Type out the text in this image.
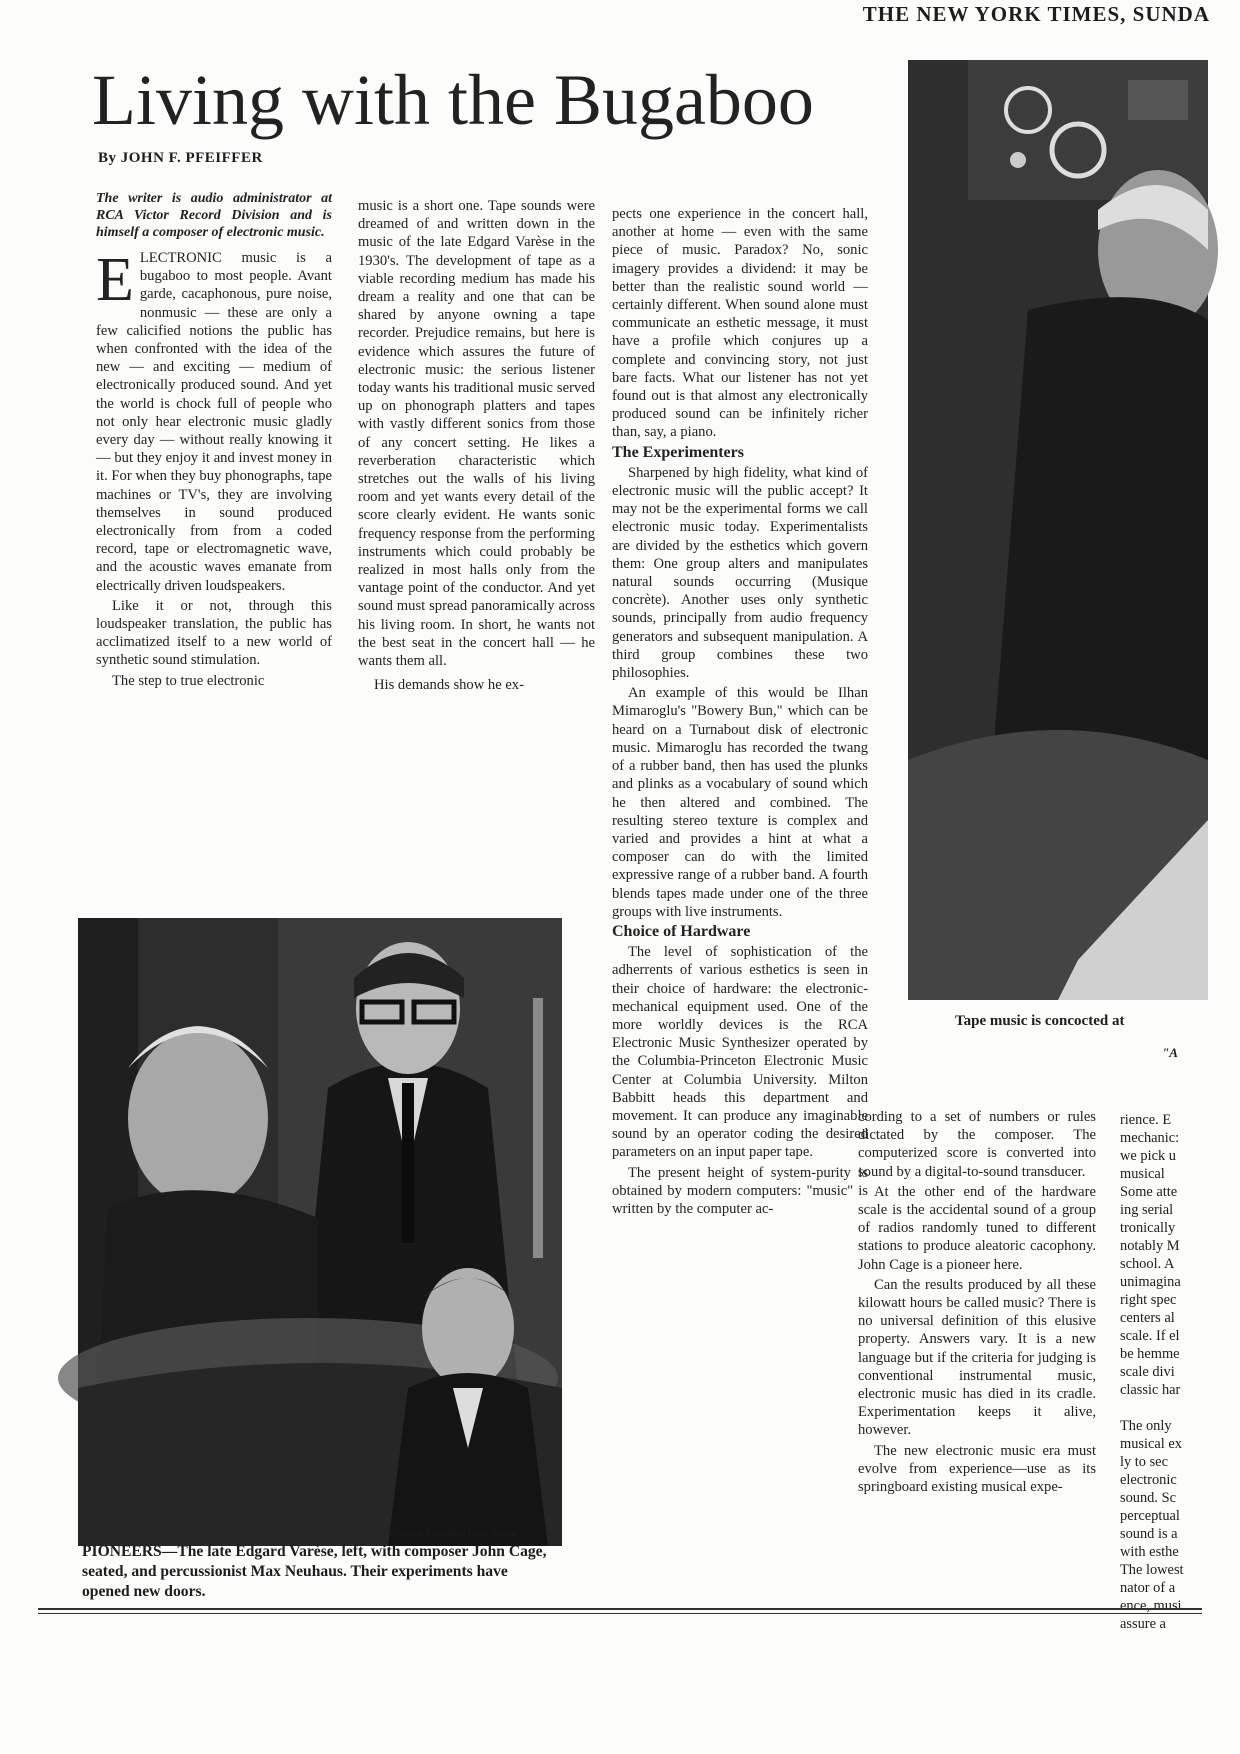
THE NEW YORK TIMES, SUNDA
Living with the Bugaboo
By JOHN F. PFEIFFER
The writer is audio administrator at RCA Victor Record Division and is himself a composer of electronic music.

ELECTRONIC music is a bugaboo to most people. Avant garde, cacaphonous, pure noise, nonmusic — these are only a few calicified notions the public has when confronted with the idea of the new — and exciting — medium of electronically produced sound. And yet the world is chock full of people who not only hear electronic music gladly every day — without really knowing it — but they enjoy it and invest money in it. For when they buy phonographs, tape machines or TV's, they are involving themselves in sound produced electronically from from a coded record, tape or electromagnetic wave, and the acoustic waves emanate from electrically driven loudspeakers.

Like it or not, through this loudspeaker translation, the public has acclimatized itself to a new world of synthetic sound stimulation.

The step to true electronic

music is a short one. Tape sounds were dreamed of and written down in the music of the late Edgard Varèse in the 1930's. The development of tape as a viable recording medium has made his dream a reality and one that can be shared by anyone owning a tape recorder. Prejudice remains, but here is evidence which assures the future of electronic music: the serious listener today wants his traditional music served up on phonograph platters and tapes with vastly different sonics from those of any concert setting. He likes a reverberation characteristic which stretches out the walls of his living room and yet wants every detail of the score clearly evident. He wants sonic frequency response from the performing instruments which could probably be realized in most halls only from the vantage point of the conductor. And yet sound must spread panoramically across his living room. In short, he wants not the best seat in the concert hall — he wants them all.

His demands show he ex-

pects one experience in the concert hall, another at home — even with the same piece of music. Paradox? No, sonic imagery provides a dividend: it may be better than the realistic sound world — certainly different. When sound alone must communicate an esthetic message, it must have a profile which conjures up a complete and convincing story, not just bare facts. What our listener has not yet found out is that almost any electronically produced sound can be infinitely richer than, say, a piano.

The Experimenters

Sharpened by high fidelity, what kind of electronic music will the public accept? It may not be the experimental forms we call electronic music today. Experimentalists are divided by the esthetics which govern them: One group alters and manipulates natural sounds occurring (Musique concrète). Another uses only synthetic sounds, principally from audio frequency generators and subsequent manipulation. A third group combines these two philosophies.

An example of this would be Ilhan Mimaroglu's "Bowery Bun," which can be heard on a Turnabout disk of electronic music. Mimaroglu has recorded the twang of a rubber band, then has used the plunks and plinks as a vocabulary of sound which he then altered and combined. The resulting stereo texture is complex and varied and provides a hint at what a composer can do with the limited expressive range of a rubber band. A fourth blends tapes made under one of the three groups with live instruments.

Choice of Hardware

The level of sophistication of the adherrents of various esthetics is seen in their choice of hardware: the electronic-mechanical equipment used. One of the more worldly devices is the RCA Electronic Music Synthesizer operated by the Columbia-Princeton Electronic Music Center at Columbia University. Milton Babbitt heads this department and movement. It can produce any imaginable sound by an operator coding the desired parameters on an input paper tape.

The present height of system-purity is obtained by modern computers: "music" is written by the computer ac-

cording to a set of numbers or rules dictated by the composer. The computerized score is converted into sound by a digital-to-sound transducer.

At the other end of the hardware scale is the accidental sound of a group of radios randomly tuned to different stations to produce aleatoric cacophony. John Cage is a pioneer here.

Can the results produced by all these kilowatt hours be called music? There is no universal definition of this elusive property. Answers vary. It is a new language but if the criteria for judging is conventional instrumental music, electronic music has died in its cradle. Experimentation keeps it alive, however.

The new electronic music era must evolve from experience—use as its springboard existing musical expe-

rience. E
mechanic:
we pick u
musical
Some atte
ing serial
tronically
notably M
school. A
unimagina
right spec
centers al
scale. If el
be hemme
scale divi
classic har

The only
musical ex
ly to sec
electronic
sound. Sc
perceptual
sound is a
with esthe
The lowest
nator of a
ence, musi
assure a
Richard Saunders from Scope
PIONEERS—The late Edgard Varèse, left, with composer John Cage, seated, and percussionist Max Neuhaus. Their experiments have opened new doors.
Tape music is concocted at
"A
